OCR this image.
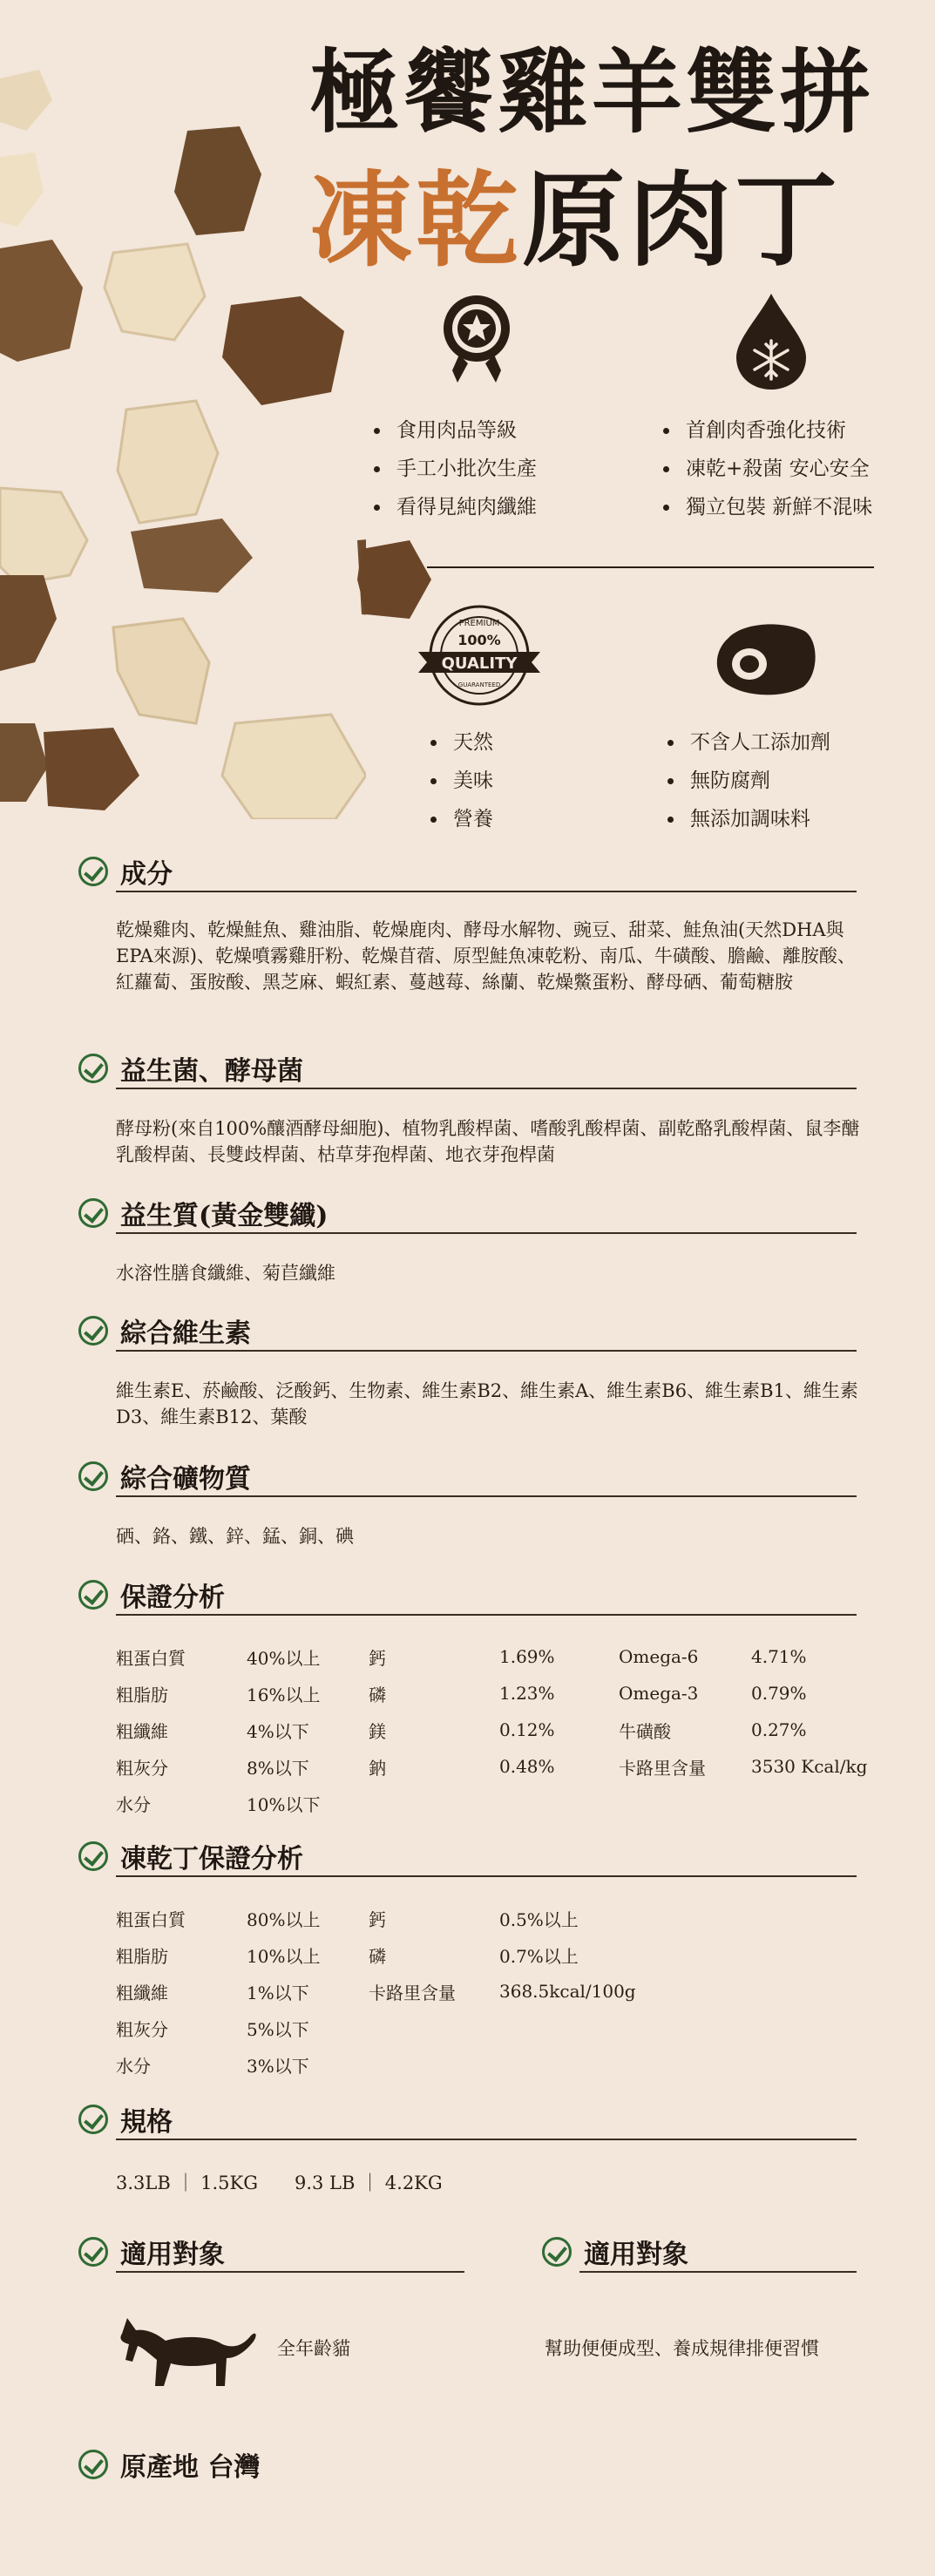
極饗雞羊雙拼
凍乾原肉丁
食用肉品等級
手工小批次生產
看得見純肉纖維
首創肉香強化技術
凍乾+殺菌 安心安全
獨立包裝 新鮮不混味
PREMIUM
100%
QUALITY
GUARANTEED
天然
美味
營養
不含人工添加劑
無防腐劑
無添加調味料
成分
乾燥雞肉、乾燥鮭魚、雞油脂、乾燥鹿肉、酵母水解物、豌豆、甜菜、鮭魚油(天然DHA與EPA來源)、乾燥噴霧雞肝粉、乾燥苜蓿、原型鮭魚凍乾粉、南瓜、牛磺酸、膽鹼、離胺酸、紅蘿蔔、蛋胺酸、黑芝麻、蝦紅素、蔓越莓、絲蘭、乾燥鱉蛋粉、酵母硒、葡萄糖胺
益生菌、酵母菌
酵母粉(來自100%釀酒酵母細胞)、植物乳酸桿菌、嗜酸乳酸桿菌、副乾酪乳酸桿菌、鼠李醣乳酸桿菌、長雙歧桿菌、枯草芽孢桿菌、地衣芽孢桿菌
益生質(黃金雙纖)
水溶性膳食纖維、菊苣纖維
綜合維生素
維生素E、菸鹼酸、泛酸鈣、生物素、維生素B2、維生素A、維生素B6、維生素B1、維生素D3、維生素B12、葉酸
綜合礦物質
硒、鉻、鐵、鋅、錳、銅、碘
保證分析
粗蛋白質	40%以上	鈣	1.69%	Omega-6	4.71%
粗脂肪	16%以上	磷	1.23%	Omega-3	0.79%
粗纖維	4%以下	鎂	0.12%	牛磺酸	0.27%
粗灰分	8%以下	鈉	0.48%	卡路里含量	3530 Kcal/kg
水分	10%以下
凍乾丁保證分析
粗蛋白質	80%以上	鈣	0.5%以上
粗脂肪	10%以上	磷	0.7%以上
粗纖維	1%以下	卡路里含量	368.5kcal/100g
粗灰分	5%以下
水分	3%以下
規格
3.3LB ｜ 1.5KG　　9.3 LB ｜ 4.2KG
適用對象	適用對象
全年齡貓	幫助便便成型、養成規律排便習慣
原產地 台灣
